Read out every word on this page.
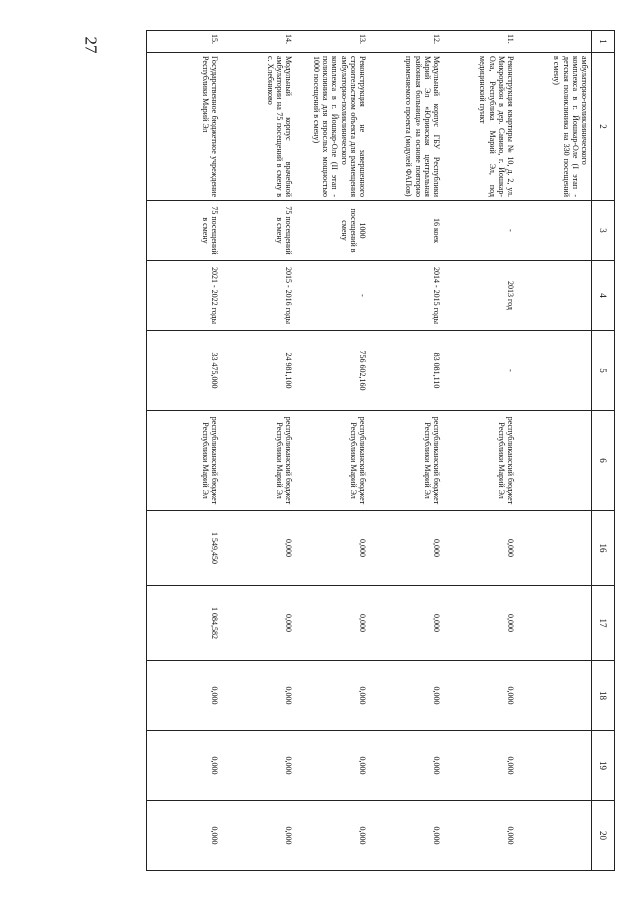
27	1	2	3	4	5	6	16	17	18	19	20
	амбулаторно-поликлинического комплекса в г. Йошкар-Оле (I этап - детская поликлиника на 330 посещений в смену)									
11.	Реконструкция квартиры № 10, д. 2, ул. Микрорайон в дер. Савино, г. Йошкар-Ола, Республика Марий Эл, под медицинский пункт	-	2013 год	-	республиканский бюджет Республики Марий Эл	0,000	0,000	0,000	0,000	0,000
12.	Модульный корпус ГБУ Республики Марий Эл «Юринская центральная районная больница» на основе повторно применяемого проекта (модулей ФАПов)	16 коек	2014 - 2015 годы	83 081,110	республиканский бюджет Республики Марий Эл	0,000	0,000	0,000	0,000	0,000
13.	Реконструкция не завершенного строительством объекта для размещения амбулаторно-поликлинического комплекса в г. Йошкар-Оле (II этап - поликлиника для взрослых мощностью 1000 посещений в смену)	1000 посещений в смену	-	756 602,160	республиканский бюджет Республики Марий Эл	0,000	0,000	0,000	0,000	0,000
14.	Модульный корпус врачебной амбулатории на 75 посещений в смену в с. Хлебниково	75 посещений в смену	2015 - 2016 годы	24 981,100	республиканский бюджет Республики Марий Эл	0,000	0,000	0,000	0,000	0,000
15.	Государственное бюджетное учреждение Республики Марий Эл	75 посещений в смену	2021 - 2022 годы	33 475,000	республиканский бюджет Республики Марий Эл	1 549,450	1 084,582	0,000	0,000	0,000
